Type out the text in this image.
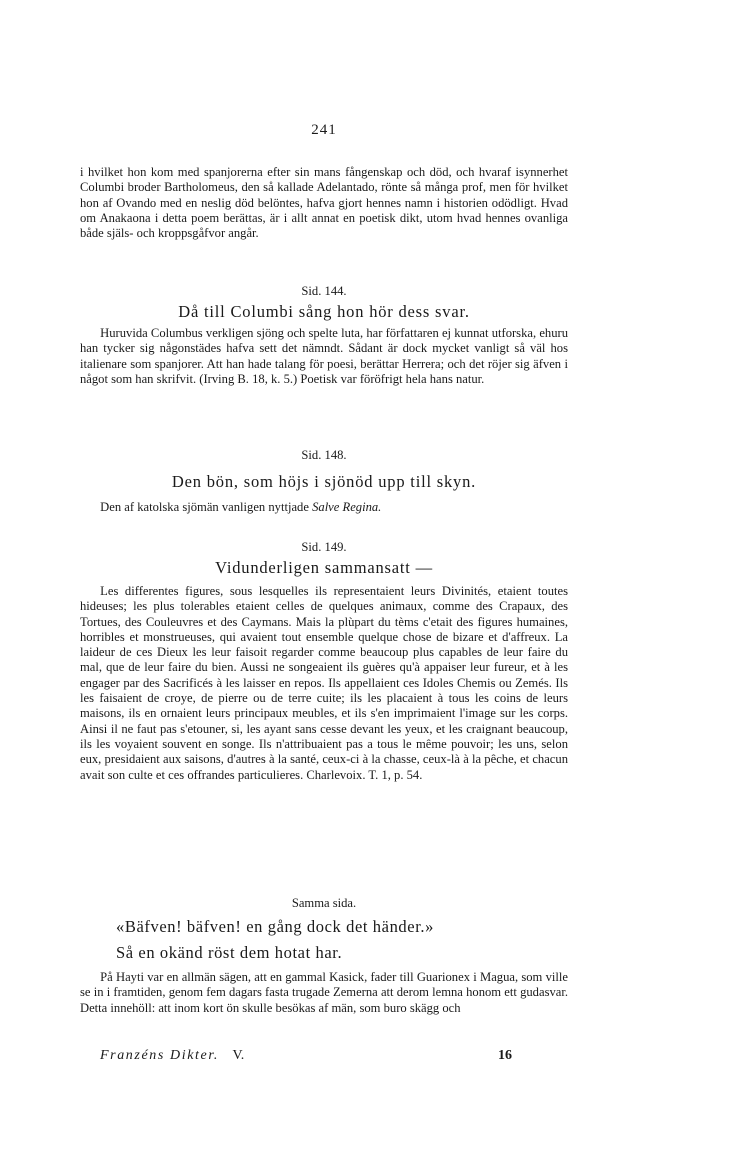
241

i hvilket hon kom med spanjorerna efter sin mans fångenskap och död, och hvaraf isynnerhet Columbi broder Bartholomeus, den så kallade Adelantado, rönte så många prof, men för hvilket hon af Ovando med en neslig död belöntes, hafva gjort hennes namn i historien odödligt. Hvad om Anakaona i detta poem berättas, är i allt annat en poetisk dikt, utom hvad hennes ovanliga både själs- och kroppsgåfvor angår.

Sid. 144.

Då till Columbi sång hon hör dess svar.

Huruvida Columbus verkligen sjöng och spelte luta, har författaren ej kunnat utforska, ehuru han tycker sig någonstädes hafva sett det nämndt. Sådant är dock mycket vanligt så väl hos italienare som spanjorer. Att han hade talang för poesi, berättar Herrera; och det röjer sig äfven i något som han skrifvit. (Irving B. 18, k. 5.) Poetisk var föröfrigt hela hans natur.

Sid. 148.

Den bön, som höjs i sjönöd upp till skyn.

Den af katolska sjömän vanligen nyttjade Salve Regina.

Sid. 149.

Vidunderligen sammansatt —

Les differentes figures, sous lesquelles ils representaient leurs Divinités, etaient toutes hideuses; les plus tolerables etaient celles de quelques animaux, comme des Crapaux, des Tortues, des Couleuvres et des Caymans. Mais la plùpart du tèms c'etait des figures humaines, horribles et monstrueuses, qui avaient tout ensemble quelque chose de bizare et d'affreux. La laideur de ces Dieux les leur faisoit regarder comme beaucoup plus capables de leur faire du mal, que de leur faire du bien. Aussi ne songeaient ils guères qu'à appaiser leur fureur, et à les engager par des Sacrificés à les laisser en repos. Ils appellaient ces Idoles Chemis ou Zemés. Ils les faisaient de croye, de pierre ou de terre cuite; ils les placaient à tous les coins de leurs maisons, ils en ornaient leurs principaux meubles, et ils s'en imprimaient l'image sur les corps. Ainsi il ne faut pas s'etouner, si, les ayant sans cesse devant les yeux, et les craignant beaucoup, ils les voyaient souvent en songe. Ils n'attribuaient pas a tous le même pouvoir; les uns, selon eux, presidaient aux saisons, d'autres à la santé, ceux-ci à la chasse, ceux-là à la pêche, et chacun avait son culte et ces offrandes particulieres. Charlevoix. T. 1, p. 54.

Samma sida.

«Bäfven! bäfven! en gång dock det händer.»

Så en okänd röst dem hotat har.

På Hayti var en allmän sägen, att en gammal Kasick, fader till Guarionex i Magua, som ville se in i framtiden, genom fem dagars fasta trugade Zemerna att derom lemna honom ett gudasvar. Detta innehöll: att inom kort ön skulle besökas af män, som buro skägg och

Franzéns Dikter. V.	16
